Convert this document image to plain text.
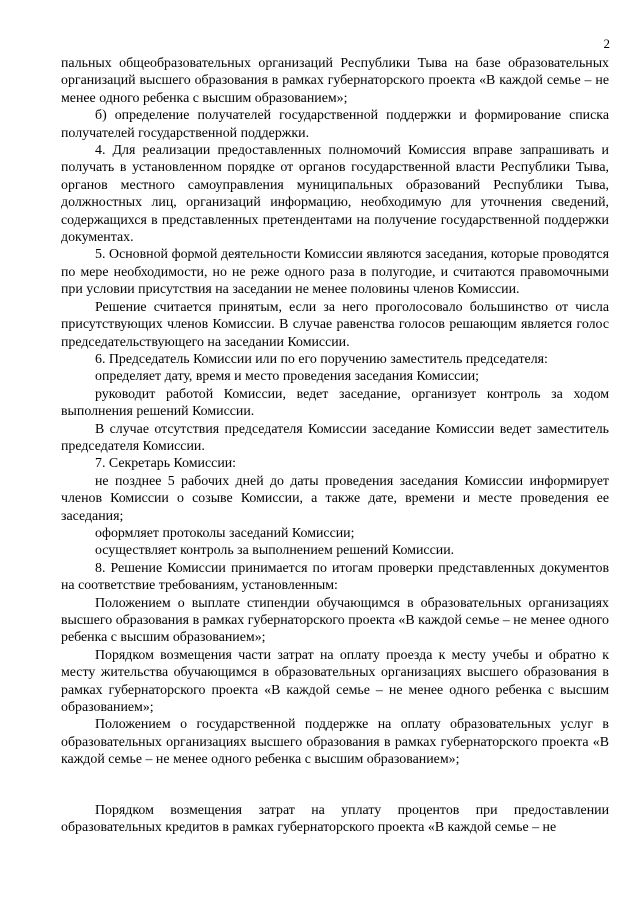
2

пальных общеобразовательных организаций Республики Тыва на базе образовательных организаций высшего образования в рамках губернаторского проекта «В каждой семье – не менее одного ребенка с высшим образованием»;

б) определение получателей государственной поддержки и формирование списка получателей государственной поддержки.

4. Для реализации предоставленных полномочий Комиссия вправе запрашивать и получать в установленном порядке от органов государственной власти Республики Тыва, органов местного самоуправления муниципальных образований Республики Тыва, должностных лиц, организаций информацию, необходимую для уточнения сведений, содержащихся в представленных претендентами на получение государственной поддержки документах.

5. Основной формой деятельности Комиссии являются заседания, которые проводятся по мере необходимости, но не реже одного раза в полугодие, и считаются правомочными при условии присутствия на заседании не менее половины членов Комиссии.

Решение считается принятым, если за него проголосовало большинство от числа присутствующих членов Комиссии. В случае равенства голосов решающим является голос председательствующего на заседании Комиссии.

6. Председатель Комиссии или по его поручению заместитель председателя:

определяет дату, время и место проведения заседания Комиссии;

руководит работой Комиссии, ведет заседание, организует контроль за ходом выполнения решений Комиссии.

В случае отсутствия председателя Комиссии заседание Комиссии ведет заместитель председателя Комиссии.

7. Секретарь Комиссии:

не позднее 5 рабочих дней до даты проведения заседания Комиссии информирует членов Комиссии о созыве Комиссии, а также дате, времени и месте проведения ее заседания;

оформляет протоколы заседаний Комиссии;

осуществляет контроль за выполнением решений Комиссии.

8. Решение Комиссии принимается по итогам проверки представленных документов на соответствие требованиям, установленным:

Положением о выплате стипендии обучающимся в образовательных организациях высшего образования в рамках губернаторского проекта «В каждой семье – не менее одного ребенка с высшим образованием»;

Порядком возмещения части затрат на оплату проезда к месту учебы и обратно к месту жительства обучающимся в образовательных организациях высшего образования в рамках губернаторского проекта «В каждой семье – не менее одного ребенка с высшим образованием»;

Положением о государственной поддержке на оплату образовательных услуг в образовательных организациях высшего образования в рамках губернаторского проекта «В каждой семье – не менее одного ребенка с высшим образованием»;

Порядком возмещения затрат на уплату процентов при предоставлении образовательных кредитов в рамках губернаторского проекта «В каждой семье – не
